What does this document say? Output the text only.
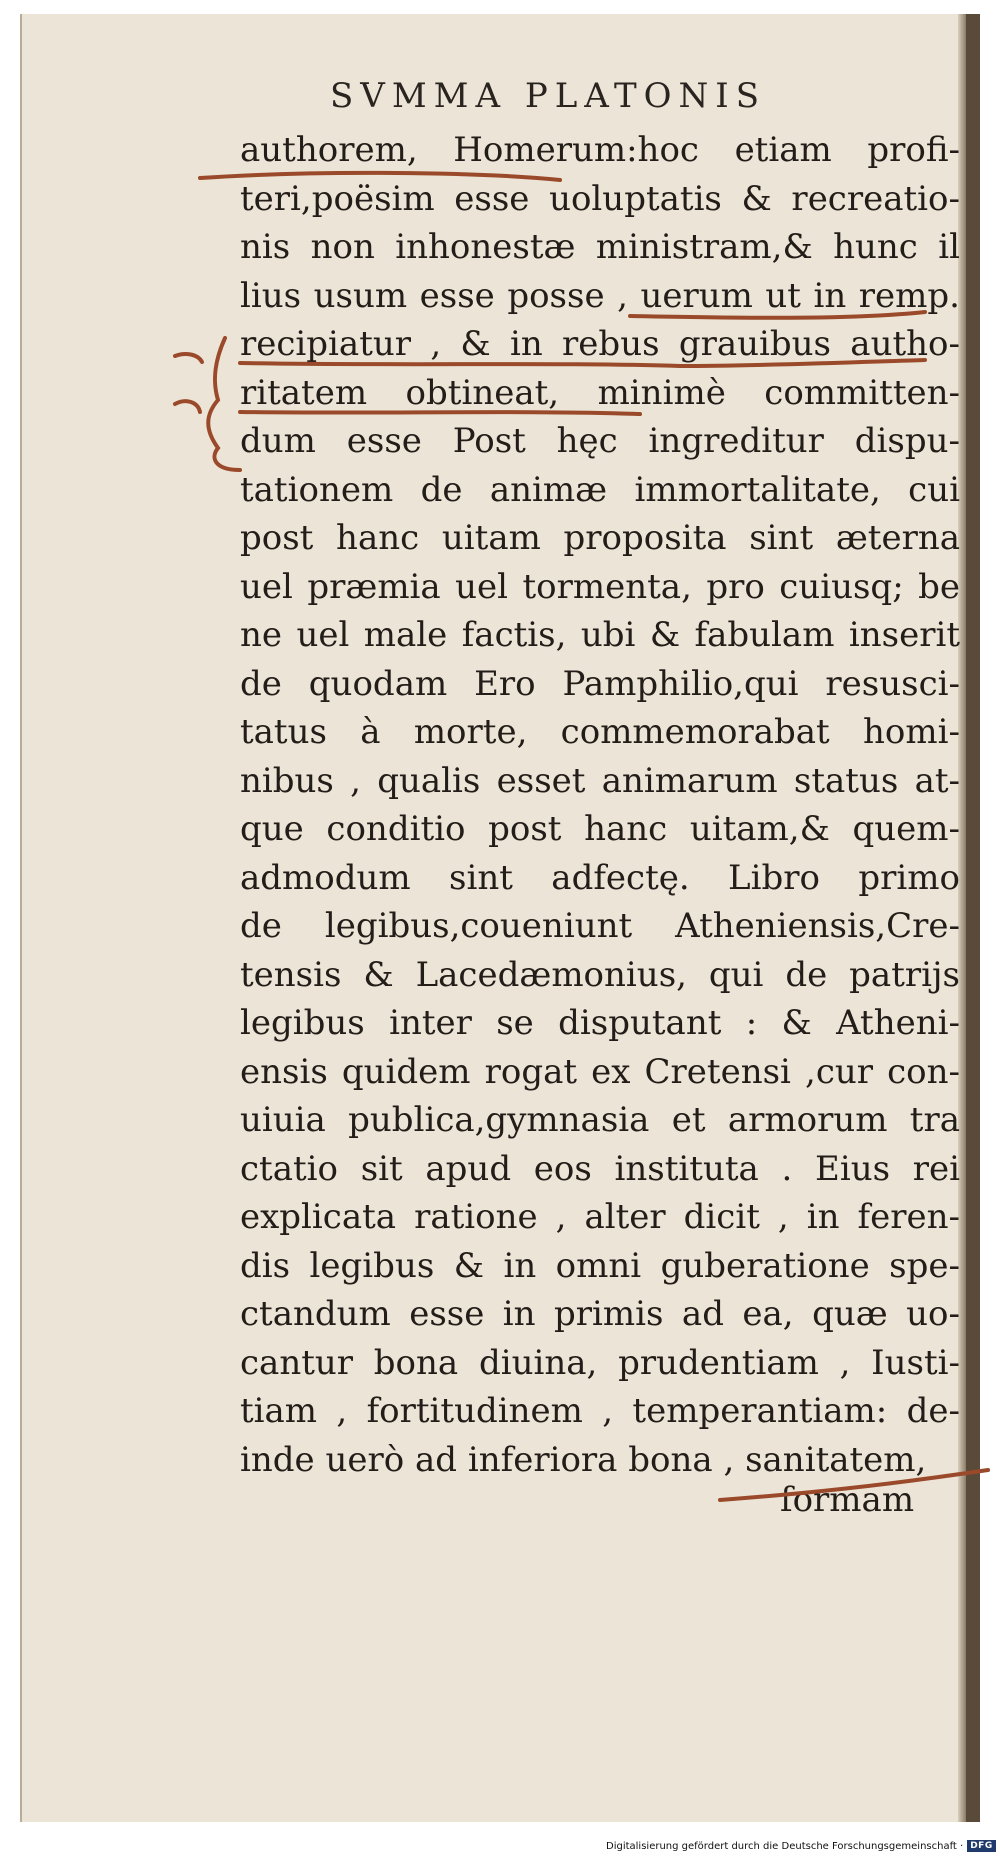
SVMMA PLATONIS
authorem, Homerum:hoc etiam profi-
teri,poësim esse uoluptatis & recreatio-
nis non inhonestæ ministram,& hunc il
lius usum esse posse , uerum ut in remp.
recipiatur , & in rebus grauibus autho-
ritatem obtineat, minimè committen-
dum esse Post hęc ingreditur dispu-
tationem de animæ immortalitate, cui
post hanc uitam proposita sint æterna
uel præmia uel tormenta, pro cuiusq; be
ne uel male factis, ubi & fabulam inserit
de quodam Ero Pamphilio,qui resusci-
tatus à morte, commemorabat homi-
nibus , qualis esset animarum status at-
que conditio post hanc uitam,& quem-
admodum sint adfectę. Libro primo
de legibus,coueniunt Atheniensis,Cre-
tensis & Lacedæmonius, qui de patrijs
legibus inter se disputant : & Atheni-
ensis quidem rogat ex Cretensi ,cur con-
uiuia publica,gymnasia et armorum tra
ctatio sit apud eos instituta . Eius rei
explicata ratione , alter dicit , in feren-
dis legibus & in omni guberatione spe-
ctandum esse in primis ad ea, quæ uo-
cantur bona diuina, prudentiam , Iusti-
tiam , fortitudinem , temperantiam: de-
inde uerò ad inferiora bona , sanitatem,
formam
Digitalisierung gefördert durch die Deutsche Forschungsgemeinschaft · DFG
